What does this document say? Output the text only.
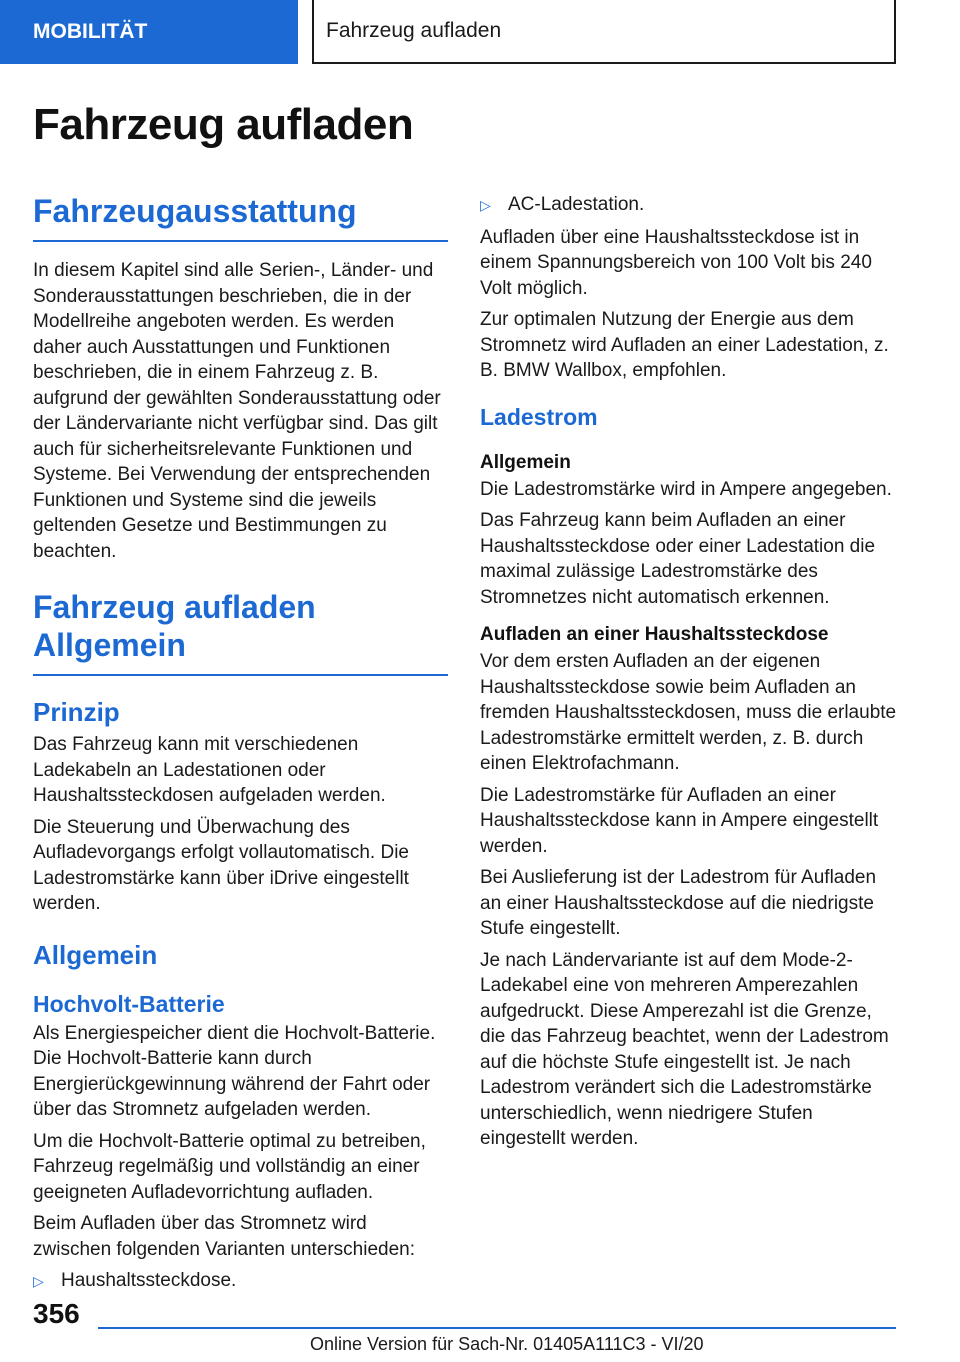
MOBILITÄT	Fahrzeug aufladen
Fahrzeug aufladen
Fahrzeugausstattung

In diesem Kapitel sind alle Serien-, Länder- und Sonderausstattungen beschrieben, die in der Modellreihe angeboten werden. Es werden daher auch Ausstattungen und Funktionen beschrieben, die in einem Fahrzeug z. B. aufgrund der gewählten Sonderausstattung oder der Ländervariante nicht verfügbar sind. Das gilt auch für sicherheitsrelevante Funktionen und Systeme. Bei Verwendung der entsprechenden Funktionen und Systeme sind die jeweils geltenden Gesetze und Bestimmungen zu beachten.

Fahrzeug aufladen
Allgemein
Prinzip

Das Fahrzeug kann mit verschiedenen Ladekabeln an Ladestationen oder Haushaltssteckdosen aufgeladen werden.

Die Steuerung und Überwachung des Aufladevorgangs erfolgt vollautomatisch. Die Ladestromstärke kann über iDrive eingestellt werden.

Allgemein
Hochvolt-Batterie

Als Energiespeicher dient die Hochvolt-Batterie. Die Hochvolt-Batterie kann durch Energierückgewinnung während der Fahrt oder über das Stromnetz aufgeladen werden.

Um die Hochvolt-Batterie optimal zu betreiben, Fahrzeug regelmäßig und vollständig an einer geeigneten Aufladevorrichtung aufladen.

Beim Aufladen über das Stromnetz wird zwischen folgenden Varianten unterschieden:

▷ Haushaltssteckdose.
▷ AC-Ladestation.

Aufladen über eine Haushaltssteckdose ist in einem Spannungsbereich von 100 Volt bis 240 Volt möglich.

Zur optimalen Nutzung der Energie aus dem Stromnetz wird Aufladen an einer Ladestation, z. B. BMW Wallbox, empfohlen.

Ladestrom
Allgemein

Die Ladestromstärke wird in Ampere angegeben.

Das Fahrzeug kann beim Aufladen an einer Haushaltssteckdose oder einer Ladestation die maximal zulässige Ladestromstärke des Stromnetzes nicht automatisch erkennen.

Aufladen an einer Haushaltssteckdose

Vor dem ersten Aufladen an der eigenen Haushaltssteckdose sowie beim Aufladen an fremden Haushaltssteckdosen, muss die erlaubte Ladestromstärke ermittelt werden, z. B. durch einen Elektrofachmann.

Die Ladestromstärke für Aufladen an einer Haushaltssteckdose kann in Ampere eingestellt werden.

Bei Auslieferung ist der Ladestrom für Aufladen an einer Haushaltssteckdose auf die niedrigste Stufe eingestellt.

Je nach Ländervariante ist auf dem Mode-2-Ladekabel eine von mehreren Amperezahlen aufgedruckt. Diese Amperezahl ist die Grenze, die das Fahrzeug beachtet, wenn der Ladestrom auf die höchste Stufe eingestellt ist. Je nach Ladestrom verändert sich die Ladestromstärke unterschiedlich, wenn niedrigere Stufen eingestellt werden.

356
Online Version für Sach-Nr. 01405A111C3 - VI/20
